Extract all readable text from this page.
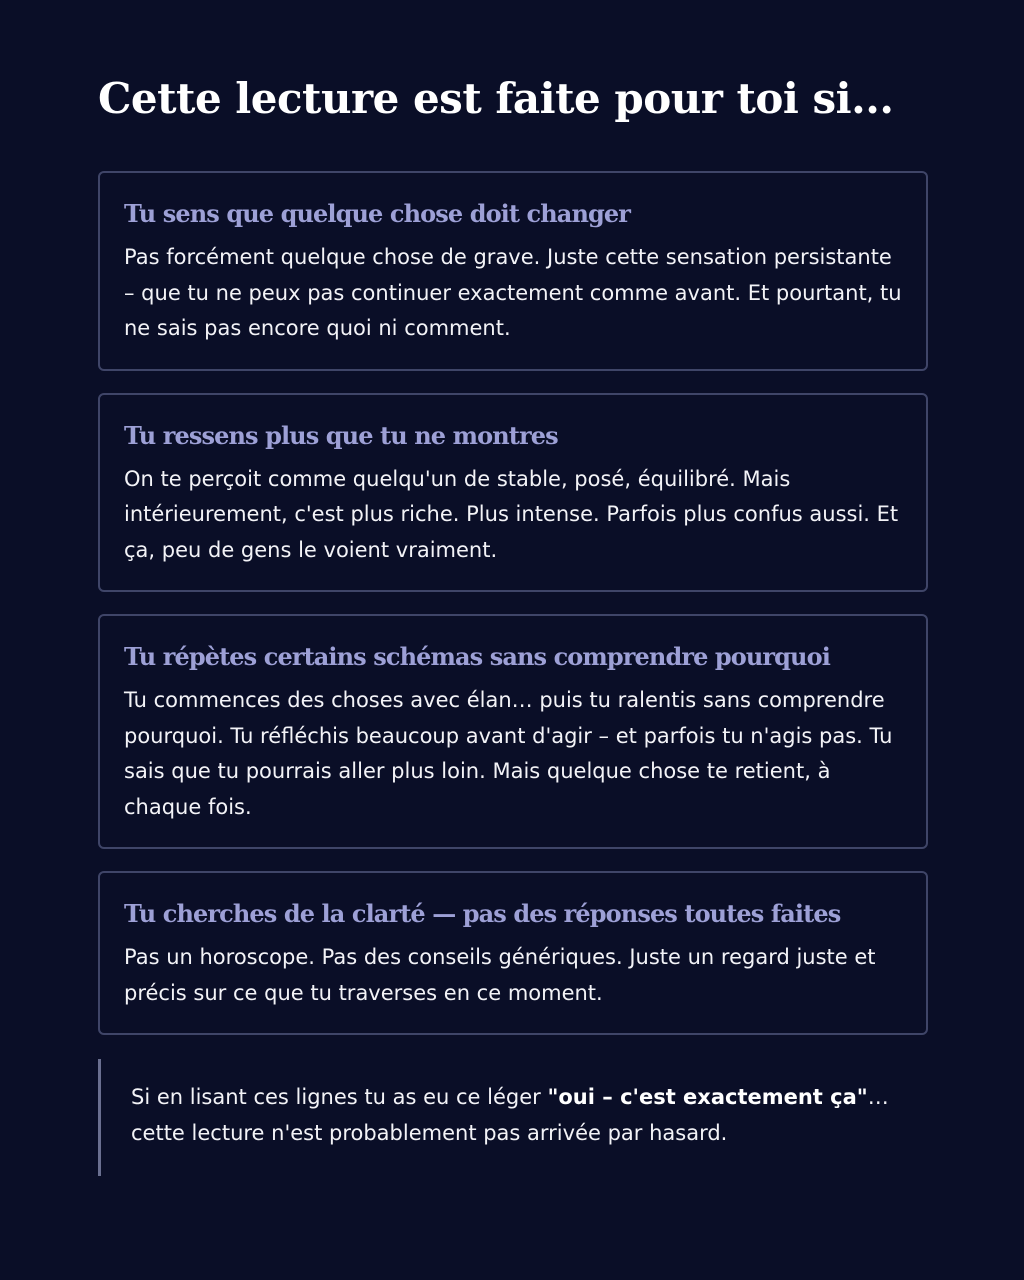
Cette lecture est faite pour toi si...
Tu sens que quelque chose doit changer

Pas forcément quelque chose de grave. Juste cette sensation persistante – que tu ne peux pas continuer exactement comme avant. Et pourtant, tu ne sais pas encore quoi ni comment.

Tu ressens plus que tu ne montres

On te perçoit comme quelqu'un de stable, posé, équilibré. Mais intérieurement, c'est plus riche. Plus intense. Parfois plus confus aussi. Et ça, peu de gens le voient vraiment.

Tu répètes certains schémas sans comprendre pourquoi

Tu commences des choses avec élan… puis tu ralentis sans comprendre pourquoi. Tu réfléchis beaucoup avant d'agir – et parfois tu n'agis pas. Tu sais que tu pourrais aller plus loin. Mais quelque chose te retient, à chaque fois.

Tu cherches de la clarté — pas des réponses toutes faites

Pas un horoscope. Pas des conseils génériques. Juste un regard juste et précis sur ce que tu traverses en ce moment.

Si en lisant ces lignes tu as eu ce léger "oui – c'est exactement ça"… cette lecture n'est probablement pas arrivée par hasard.
